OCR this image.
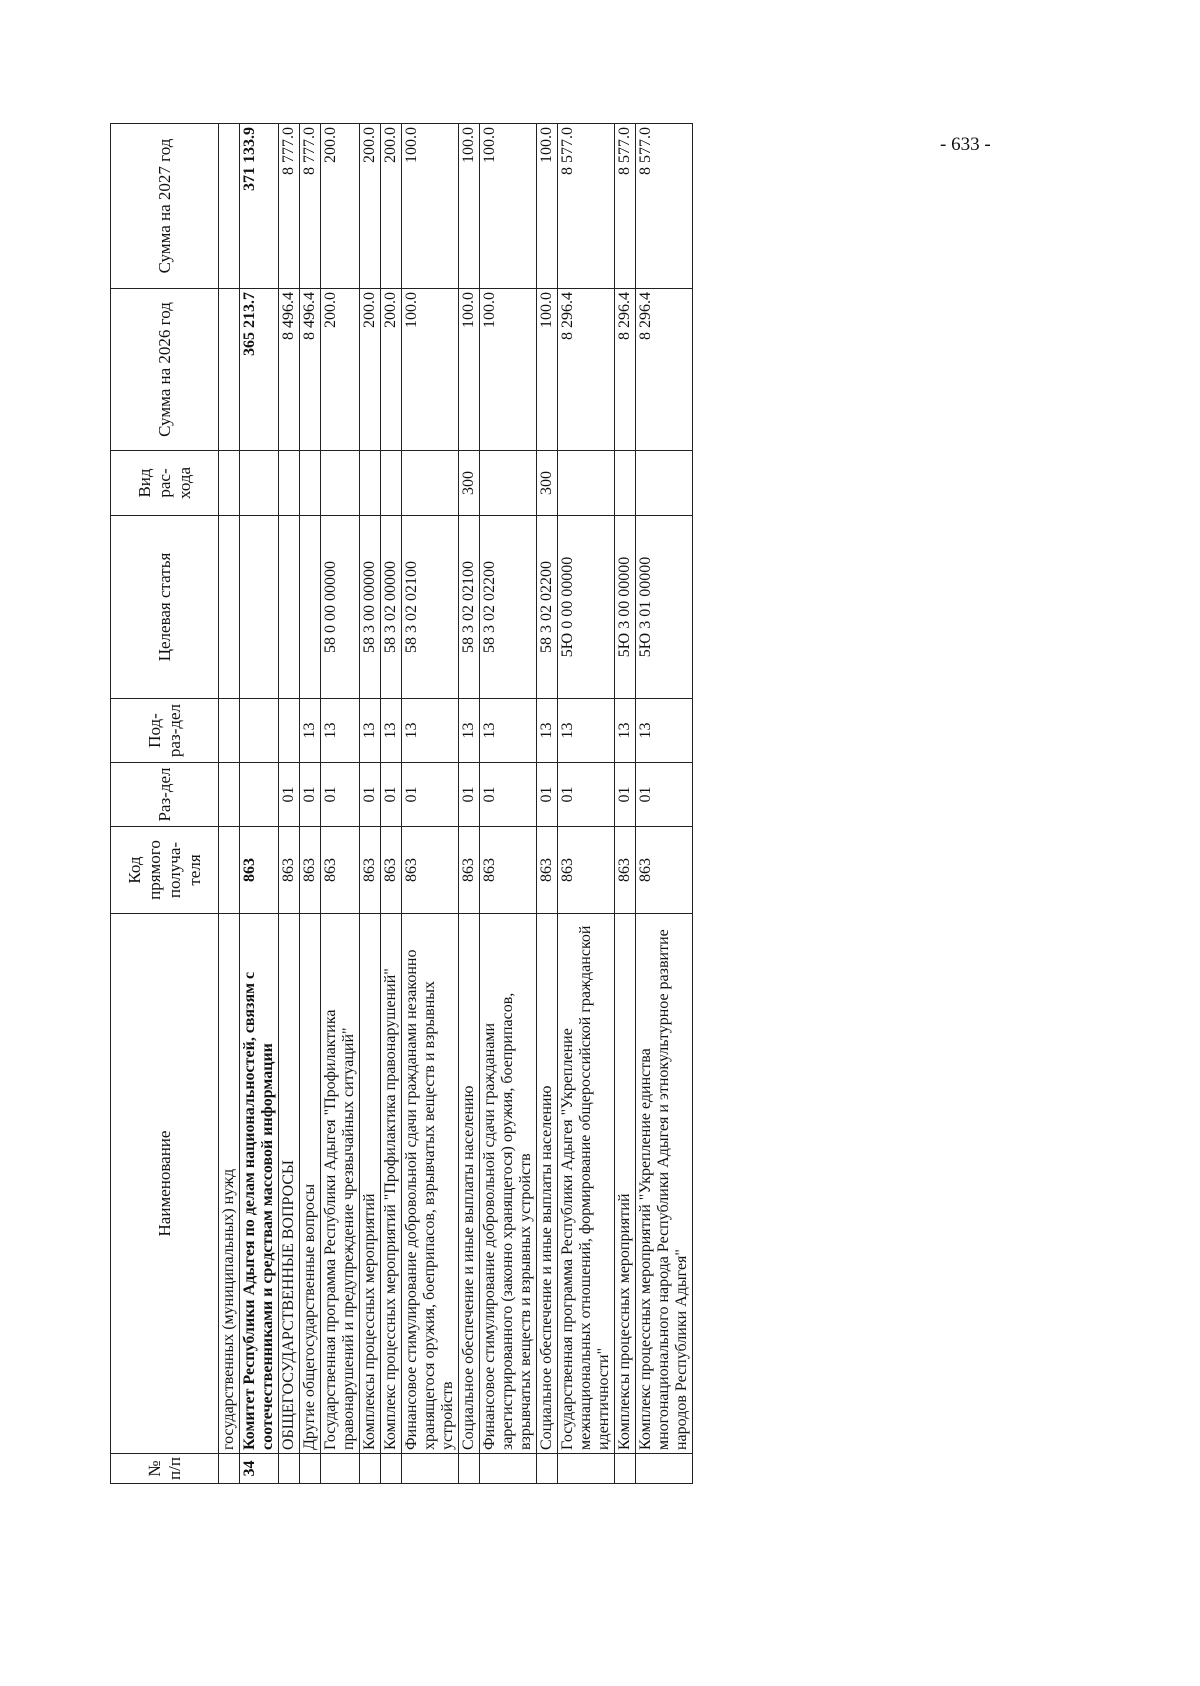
№ п/п	Наименование	Код прямого получа-теля	Раз-дел	Под-раз-дел	Целевая статья	Вид рас-хода	Сумма на 2026 год	Сумма на 2027 год
	государственных (муниципальных) нужд							
34	Комитет Республики Адыгея по делам национальностей, связям с соотечественниками и средствам массовой информации	863					365 213.7	371 133.9
	ОБЩЕГОСУДАРСТВЕННЫЕ ВОПРОСЫ	863	01				8 496.4	8 777.0
	Другие общегосударственные вопросы	863	01	13			8 496.4	8 777.0
	Государственная программа Республики Адыгея "Профилактика правонарушений и предупреждение чрезвычайных ситуаций"	863	01	13	58 0 00 00000		200.0	200.0
	Комплексы процессных мероприятий	863	01	13	58 3 00 00000		200.0	200.0
	Комплекс процессных мероприятий "Профилактика правонарушений"	863	01	13	58 3 02 00000		200.0	200.0
	Финансовое стимулирование добровольной сдачи гражданами незаконно хранящегося оружия, боеприпасов, взрывчатых веществ и взрывных устройств	863	01	13	58 3 02 02100		100.0	100.0
	Социальное обеспечение и иные выплаты населению	863	01	13	58 3 02 02100	300	100.0	100.0
	Финансовое стимулирование добровольной сдачи гражданами зарегистрированного (законно хранящегося) оружия, боеприпасов, взрывчатых веществ и взрывных устройств	863	01	13	58 3 02 02200		100.0	100.0
	Социальное обеспечение и иные выплаты населению	863	01	13	58 3 02 02200	300	100.0	100.0
	Государственная программа Республики Адыгея "Укрепление межнациональных отношений, формирование общероссийской гражданской идентичности"	863	01	13	5Ю 0 00 00000		8 296.4	8 577.0
	Комплексы процессных мероприятий	863	01	13	5Ю 3 00 00000		8 296.4	8 577.0
	Комплекс процессных мероприятий "Укрепление единства многонационального народа Республики Адыгея и этнокультурное развитие народов Республики Адыгея"	863	01	13	5Ю 3 01 00000		8 296.4	8 577.0	- 633 -
